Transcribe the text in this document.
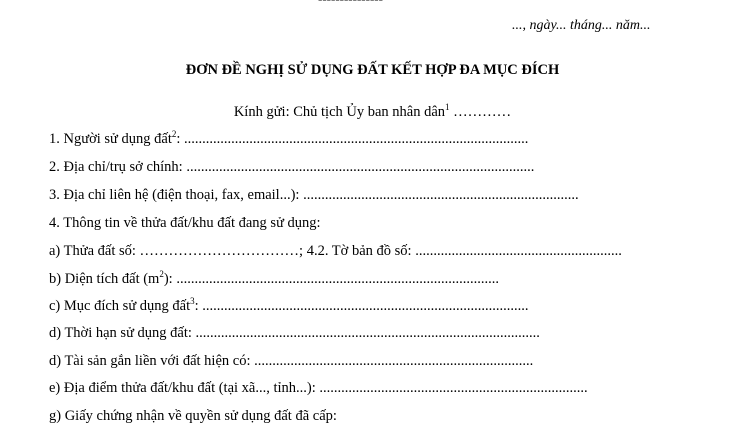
..., ngày... tháng... năm...
ĐƠN ĐỀ NGHỊ SỬ DỤNG ĐẤT KẾT HỢP ĐA MỤC ĐÍCH
Kính gửi: Chủ tịch Ủy ban nhân dân$^1$ …………
1. Người sử dụng đất$^2$: ...............................................................................................
2. Địa chỉ/trụ sở chính: ................................................................................................
3. Địa chỉ liên hệ (điện thoại, fax, email...): ............................................................................
4. Thông tin về thửa đất/khu đất đang sử dụng:
a) Thửa đất số: ……………………………; 4.2. Tờ bản đồ số: .........................................................
b) Diện tích đất $(m^2)$: .........................................................................................
c) Mục đích sử dụng đất$^3$: ..........................................................................................
d) Thời hạn sử dụng đất: ...............................................................................................
d) Tài sản gắn liền với đất hiện có: .............................................................................
e) Địa điểm thửa đất/khu đất (tại xã..., tỉnh...): ..........................................................................
g) Giấy chứng nhận về quyền sử dụng đất đã cấp:
